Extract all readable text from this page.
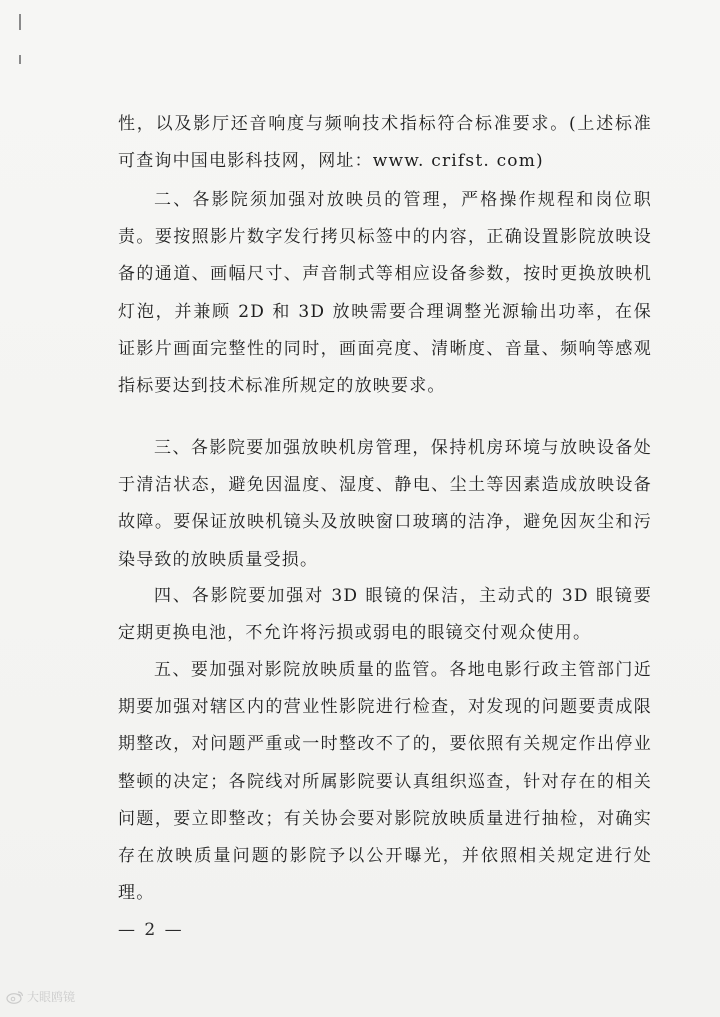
性，以及影厅还音响度与频响技术指标符合标准要求。(上述标准可查询中国电影科技网，网址：www. crifst. com)

二、各影院须加强对放映员的管理，严格操作规程和岗位职责。要按照影片数字发行拷贝标签中的内容，正确设置影院放映设备的通道、画幅尺寸、声音制式等相应设备参数，按时更换放映机灯泡，并兼顾 2D 和 3D 放映需要合理调整光源输出功率，在保证影片画面完整性的同时，画面亮度、清晰度、音量、频响等感观指标要达到技术标准所规定的放映要求。

三、各影院要加强放映机房管理，保持机房环境与放映设备处于清洁状态，避免因温度、湿度、静电、尘土等因素造成放映设备故障。要保证放映机镜头及放映窗口玻璃的洁净，避免因灰尘和污染导致的放映质量受损。

四、各影院要加强对 3D 眼镜的保洁，主动式的 3D 眼镜要定期更换电池，不允许将污损或弱电的眼镜交付观众使用。

五、要加强对影院放映质量的监管。各地电影行政主管部门近期要加强对辖区内的营业性影院进行检查，对发现的问题要责成限期整改，对问题严重或一时整改不了的，要依照有关规定作出停业整顿的决定；各院线对所属影院要认真组织巡查，针对存在的相关问题，要立即整改；有关协会要对影院放映质量进行抽检，对确实存在放映质量问题的影院予以公开曝光，并依照相关规定进行处理。

— 2 —
大眼鸥镜
